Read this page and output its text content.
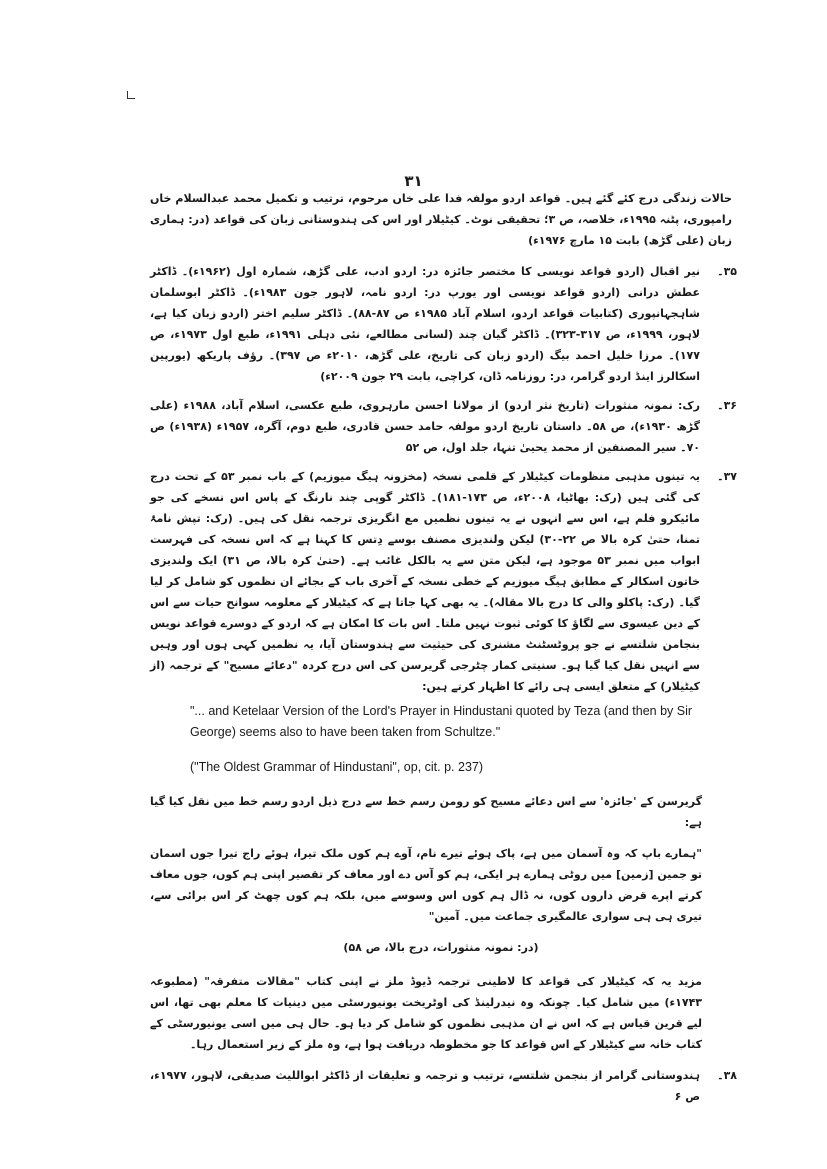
۳۱

حالات زندگی درج کئے گئے ہیں۔ قواعد اردو مولفہ فدا علی خاں مرحوم، ترتیب و تکمیل محمد عبدالسلام خاں رامپوری، پٹنہ ۱۹۹۵ء، خلاصہ، ص ۳؛ تحقیقی نوٹ۔ کیٹیلار اور اس کی ہندوستانی زبان کی قواعد (در: ہماری زبان (علی گڑھ) بابت ۱۵ مارچ ۱۹۷۶ء)

۳۵۔
نیر اقبال (اردو قواعد نویسی کا مختصر جائزہ در: اردو ادب، علی گڑھ، شمارہ اول (۱۹۶۲ء)۔ ڈاکٹر عطش درانی (اردو قواعد نویسی اور یورپ در: اردو نامہ، لاہور جون ۱۹۸۳ء)۔ ڈاکٹر ابوسلمان شاہجہانپوری (کتابیات قواعد اردو، اسلام آباد ۱۹۸۵ء ص ۸۷-۸۸)۔ ڈاکٹر سلیم اختر (اردو زبان کیا ہے، لاہور، ۱۹۹۹ء، ص ۳۱۷-۳۲۳)۔ ڈاکٹر گیان چند (لسانی مطالعے، نئی دہلی ۱۹۹۱ء، طبع اول ۱۹۷۳ء، ص ۱۷۷)۔ مرزا خلیل احمد بیگ (اردو زبان کی تاریخ، علی گڑھ، ۲۰۱۰ء ص ۳۹۷)۔ رؤف پاریکھ (یورپین اسکالرز اینڈ اردو گرامر، در: روزنامہ ڈان، کراچی، بابت ۲۹ جون ۲۰۰۹ء)
۳۶۔
رک: نمونہ منثورات (تاریخ نثر اردو) از مولانا احسن مارہروی، طبع عکسی، اسلام آباد، ۱۹۸۸ء (علی گڑھ ۱۹۳۰ء)، ص ۵۸۔ داستان تاریخ اردو مولفہ حامد حسن قادری، طبع دوم، آگرہ، ۱۹۵۷ء (۱۹۳۸ء) ص ۷۰۔ سیر المصنفین از محمد یحییٰ تنہا، جلد اول، ص ۵۲
۳۷۔
یہ تینوں مذہبی منظومات کیٹیلار کے قلمی نسخہ (مخزونہ ہیگ میوزیم) کے باب نمبر ۵۳ کے تحت درج کی گئی ہیں (رک: بھاٹیا، ۲۰۰۸ء، ص ۱۷۳-۱۸۱)۔ ڈاکٹر گوپی چند نارنگ کے پاس اس نسخے کی جو مائیکرو فلم ہے، اس سے انہوں نے یہ تینوں نظمیں مع انگریزی ترجمہ نقل کی ہیں۔ (رک: تپش نامۂ تمنا، حتیٰ کرہ بالا ص ۲۲-۳۰) لیکن ولندیزی مصنف بوسے دِتس کا کہنا ہے کہ اس نسخہ کی فہرست ابواب میں نمبر ۵۳ موجود ہے، لیکن متن سے یہ بالکل غائب ہے۔ (حتیٰ کرہ بالا، ص ۳۱) ایک ولندیزی خاتون اسکالر کے مطابق ہیگ میوزیم کے خطی نسخہ کے آخری باب کے بجائے ان نظموں کو شامل کر لیا گیا۔ (رک: پاکلو والی کا درج بالا مقالہ)۔ یہ بھی کہا جاتا ہے کہ کیٹیلار کے معلومہ سوانح حیات سے اس کے دین عیسوی سے لگاؤ کا کوئی ثبوت نہیں ملتا۔ اس بات کا امکان ہے کہ اردو کے دوسرے قواعد نویس بنجامن شلتسے نے جو پروٹسٹنٹ مشنری کی حیثیت سے ہندوستان آیا، یہ نظمیں کہی ہوں اور وہیں سے انہیں نقل کیا گیا ہو۔ سنیتی کمار چٹرجی گریرسن کی اس درج کردہ "دعائے مسیح" کے ترجمہ (از کیٹیلار) کے متعلق ایسی ہی رائے کا اظہار کرتے ہیں:

"... and Ketelaar Version of the Lord's Prayer in Hindustani quoted by Teza (and then by Sir George) seems also to have been taken from Schultze."

("The Oldest Grammar of Hindustani", op, cit. p. 237)

گریرسن کے 'جائزہ' سے اس دعائے مسیح کو رومن رسم خط سے درج ذیل اردو رسم خط میں نقل کیا گیا ہے:

"ہمارے باپ کہ وہ آسمان میں ہے، پاک ہوئے تیرے نام، آوے ہم کوں ملک تیرا، ہوئے راج تیرا جوں اسمان تو جمین [زمین] میں روٹی ہمارے ہر ایکی، ہم کو آس دے اور معاف کر تقصیر اپنی ہم کوں، جوں معاف کرتے اپرے قرض داروں کوں، نہ ڈال ہم کوں اس وسوسے میں، بلکہ ہم کوں چھٹ کر اس برائی سے، تیری ہی ہی سواری عالمگیری جماعت میں۔ آمین"

(در: نمونہ منثورات، درج بالا، ص ۵۸)

مزید یہ کہ کیٹیلار کی قواعد کا لاطینی ترجمہ ڈیوڈ ملز نے اپنی کتاب "مقالات متفرقہ" (مطبوعہ ۱۷۴۳ء) میں شامل کیا۔ چونکہ وہ نیدرلینڈ کی اوٹریخت یونیورسٹی میں دینیات کا معلم بھی تھا، اس لیے قرین قیاس ہے کہ اس نے ان مذہبی نظموں کو شامل کر دیا ہو۔ حال ہی میں اسی یونیورسٹی کے کتاب خانہ سے کیٹیلار کے اس قواعد کا جو مخطوطہ دریافت ہوا ہے، وہ ملز کے زیر استعمال رہا۔

۳۸۔
ہندوستانی گرامر از بنجمن شلتسے، ترتیب و ترجمہ و تعلیقات از ڈاکٹر ابواللیث صدیقی، لاہور، ۱۹۷۷ء، ص ۶
